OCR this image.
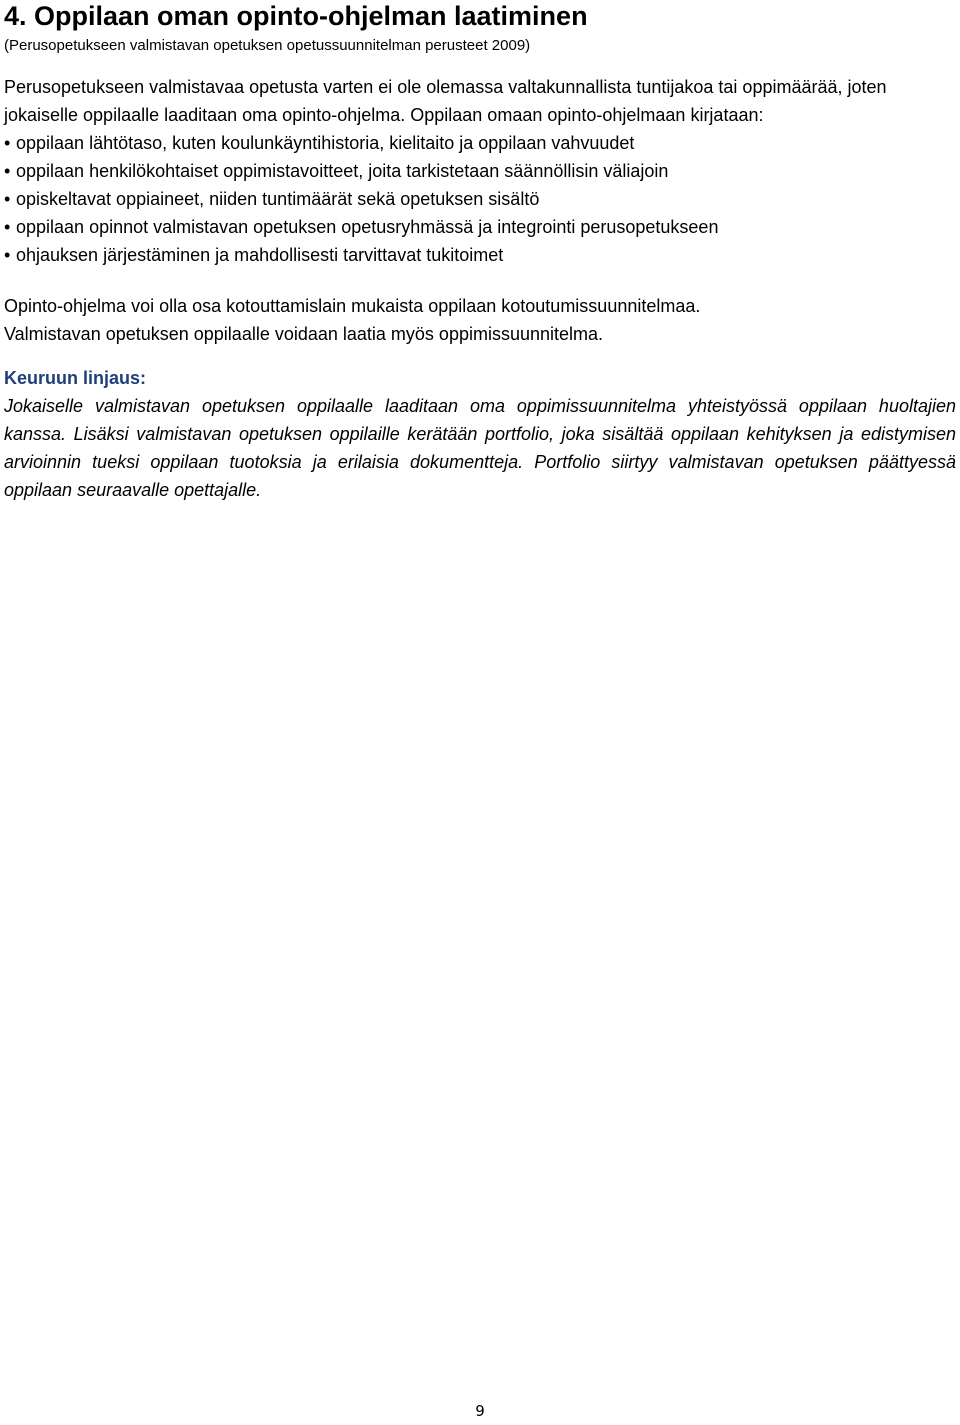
4. Oppilaan oman opinto-ohjelman laatiminen

(Perusopetukseen valmistavan opetuksen opetussuunnitelman perusteet 2009)

Perusopetukseen valmistavaa opetusta varten ei ole olemassa valtakunnallista tuntijakoa tai oppimäärää, joten jokaiselle oppilaalle laaditaan oma opinto-ohjelma. Oppilaan omaan opinto-ohjelmaan kirjataan:

• oppilaan lähtötaso, kuten koulunkäyntihistoria, kielitaito ja oppilaan vahvuudet
• oppilaan henkilökohtaiset oppimistavoitteet, joita tarkistetaan säännöllisin väliajoin
• opiskeltavat oppiaineet, niiden tuntimäärät sekä opetuksen sisältö
• oppilaan opinnot valmistavan opetuksen opetusryhmässä ja integrointi perusopetukseen
• ohjauksen järjestäminen ja mahdollisesti tarvittavat tukitoimet
Opinto-ohjelma voi olla osa kotouttamislain mukaista oppilaan kotoutumissuunnitelmaa.
Valmistavan opetuksen oppilaalle voidaan laatia myös oppimissuunnitelma.

Keuruun linjaus:

Jokaiselle valmistavan opetuksen oppilaalle laaditaan oma oppimissuunnitelma yhteistyössä oppilaan huoltajien kanssa. Lisäksi valmistavan opetuksen oppilaille kerätään portfolio, joka sisältää oppilaan kehityksen ja edistymisen arvioinnin tueksi oppilaan tuotoksia ja erilaisia dokumentteja. Portfolio siirtyy valmistavan opetuksen päättyessä oppilaan seuraavalle opettajalle.

9
